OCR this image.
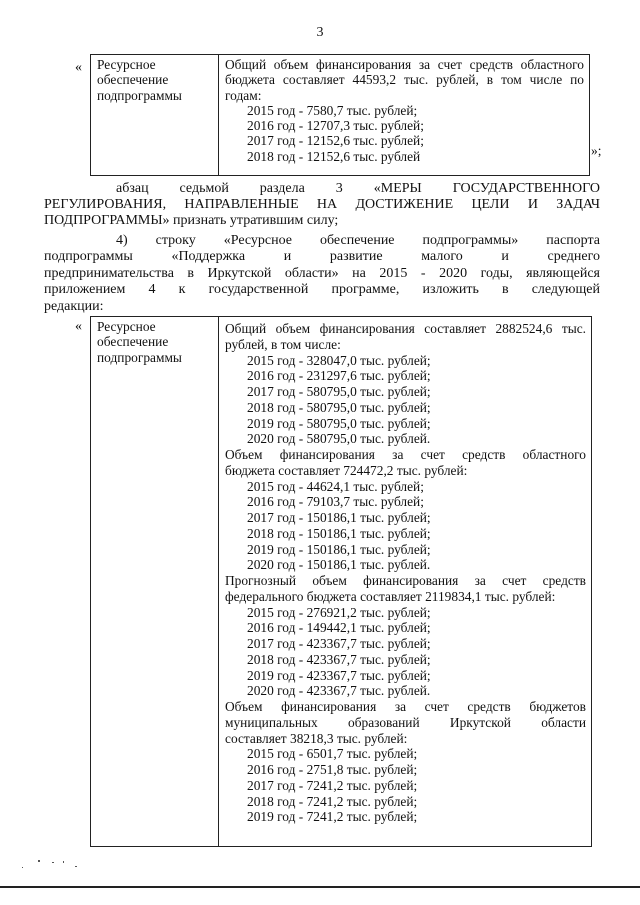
3
« Ресурсное
обеспечение
подпрограммы
Общий объем финансирования за счет средств областного
бюджета составляет 44593,2 тыс. рублей, в том числе по
годам:
2015 год - 7580,7 тыс. рублей;
2016 год - 12707,3 тыс. рублей;
2017 год - 12152,6 тыс. рублей;
2018 год - 12152,6 тыс. рублей	»;
абзац седьмой раздела 3 «МЕРЫ ГОСУДАРСТВЕННОГО
РЕГУЛИРОВАНИЯ, НАПРАВЛЕННЫЕ НА ДОСТИЖЕНИЕ ЦЕЛИ И ЗАДАЧ
ПОДПРОГРАММЫ» признать утратившим силу;
4) строку «Ресурсное обеспечение подпрограммы» паспорта
подпрограммы «Поддержка и развитие малого и среднего
предпринимательства в Иркутской области» на 2015 - 2020 годы, являющейся
приложением 4 к государственной программе, изложить в следующей
редакции:
« Ресурсное
обеспечение
подпрограммы
Общий объем финансирования составляет 2882524,6 тыс.
рублей, в том числе:
2015 год - 328047,0 тыс. рублей;
2016 год - 231297,6 тыс. рублей;
2017 год - 580795,0 тыс. рублей;
2018 год - 580795,0 тыс. рублей;
2019 год - 580795,0 тыс. рублей;
2020 год - 580795,0 тыс. рублей.
Объем финансирования за счет средств областного
бюджета составляет 724472,2 тыс. рублей:
2015 год - 44624,1 тыс. рублей;
2016 год - 79103,7 тыс. рублей;
2017 год - 150186,1 тыс. рублей;
2018 год - 150186,1 тыс. рублей;
2019 год - 150186,1 тыс. рублей;
2020 год - 150186,1 тыс. рублей.
Прогнозный объем финансирования за счет средств
федерального бюджета составляет 2119834,1 тыс. рублей:
2015 год - 276921,2 тыс. рублей;
2016 год - 149442,1 тыс. рублей;
2017 год - 423367,7 тыс. рублей;
2018 год - 423367,7 тыс. рублей;
2019 год - 423367,7 тыс. рублей;
2020 год - 423367,7 тыс. рублей.
Объем финансирования за счет средств бюджетов
муниципальных образований Иркутской области
составляет 38218,3 тыс. рублей:
2015 год - 6501,7 тыс. рублей;
2016 год - 2751,8 тыс. рублей;
2017 год - 7241,2 тыс. рублей;
2018 год - 7241,2 тыс. рублей;
2019 год - 7241,2 тыс. рублей;
